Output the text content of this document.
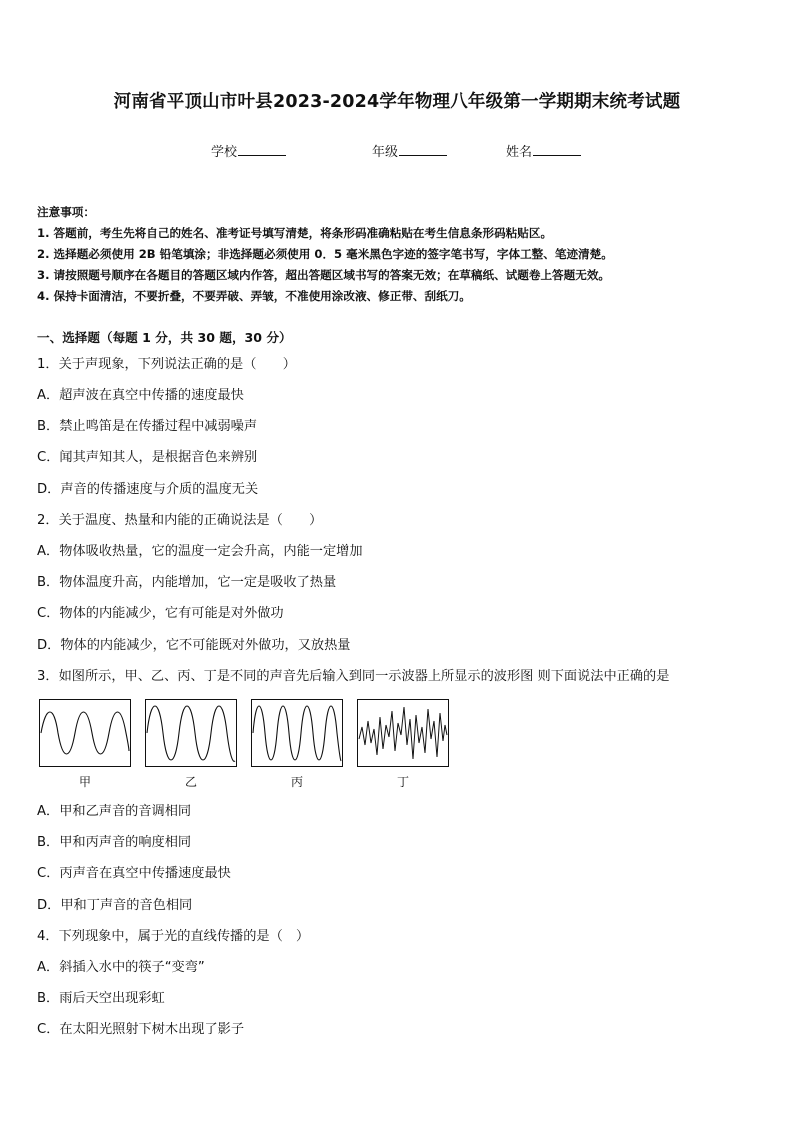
河南省平顶山市叶县2023-2024学年物理八年级第一学期期末统考试题
学校	年级	姓名
注意事项：
1. 答题前，考生先将自己的姓名、准考证号填写清楚，将条形码准确粘贴在考生信息条形码粘贴区。
2. 选择题必须使用 2B 铅笔填涂；非选择题必须使用 0．5 毫米黑色字迹的签字笔书写，字体工整、笔迹清楚。
3. 请按照题号顺序在各题目的答题区域内作答，超出答题区域书写的答案无效；在草稿纸、试题卷上答题无效。
4. 保持卡面清洁，不要折叠，不要弄破、弄皱，不准使用涂改液、修正带、刮纸刀。
一、选择题（每题 1 分，共 30 题，30 分）
1．关于声现象，下列说法正确的是（　　）
A．超声波在真空中传播的速度最快
B．禁止鸣笛是在传播过程中减弱噪声
C．闻其声知其人，是根据音色来辨别
D．声音的传播速度与介质的温度无关
2．关于温度、热量和内能的正确说法是（　　）
A．物体吸收热量，它的温度一定会升高，内能一定增加
B．物体温度升高，内能增加，它一定是吸收了热量
C．物体的内能减少，它有可能是对外做功
D．物体的内能减少，它不可能既对外做功，又放热量
3．如图所示，甲、乙、丙、丁是不同的声音先后输入到同一示波器上所显示的波形图 则下面说法中正确的是
甲	乙	丙	丁
A．甲和乙声音的音调相同
B．甲和丙声音的响度相同
C．丙声音在真空中传播速度最快
D．甲和丁声音的音色相同
4．下列现象中，属于光的直线传播的是（　）
A．斜插入水中的筷子“变弯”
B．雨后天空出现彩虹
C．在太阳光照射下树木出现了影子
